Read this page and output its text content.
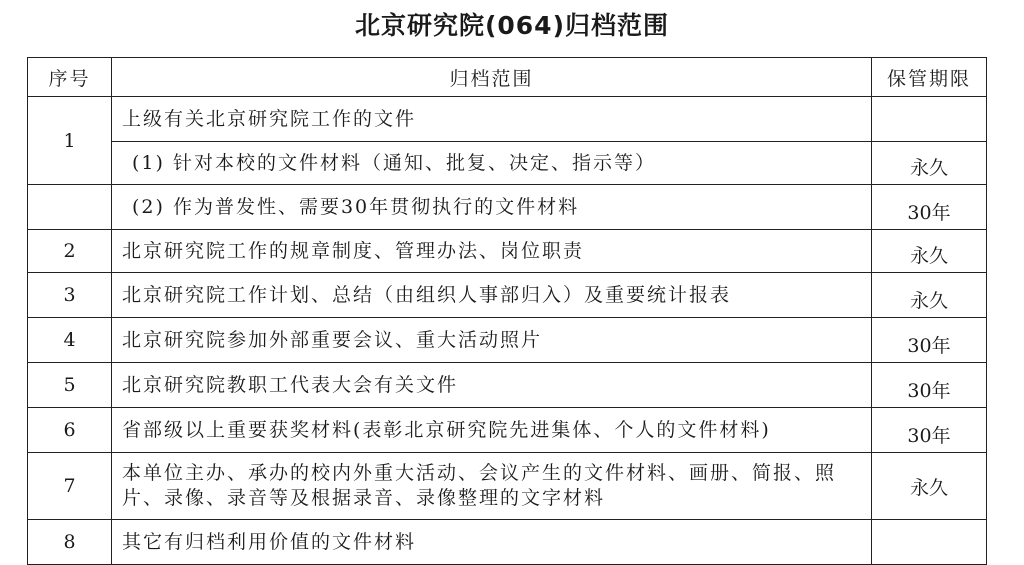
北京研究院(064)归档范围
序号	归档范围	保管期限
1	上级有关北京研究院工作的文件	
	(1) 针对本校的文件材料（通知、批复、决定、指示等）	永久
	(2) 作为普发性、需要30年贯彻执行的文件材料	30年
2	北京研究院工作的规章制度、管理办法、岗位职责	永久
3	北京研究院工作计划、总结（由组织人事部归入）及重要统计报表	永久
4	北京研究院参加外部重要会议、重大活动照片	30年
5	北京研究院教职工代表大会有关文件	30年
6	省部级以上重要获奖材料(表彰北京研究院先进集体、个人的文件材料)	30年
7	本单位主办、承办的校内外重大活动、会议产生的文件材料、画册、简报、照片、录像、录音等及根据录音、录像整理的文字材料	永久
8	其它有归档利用价值的文件材料	
